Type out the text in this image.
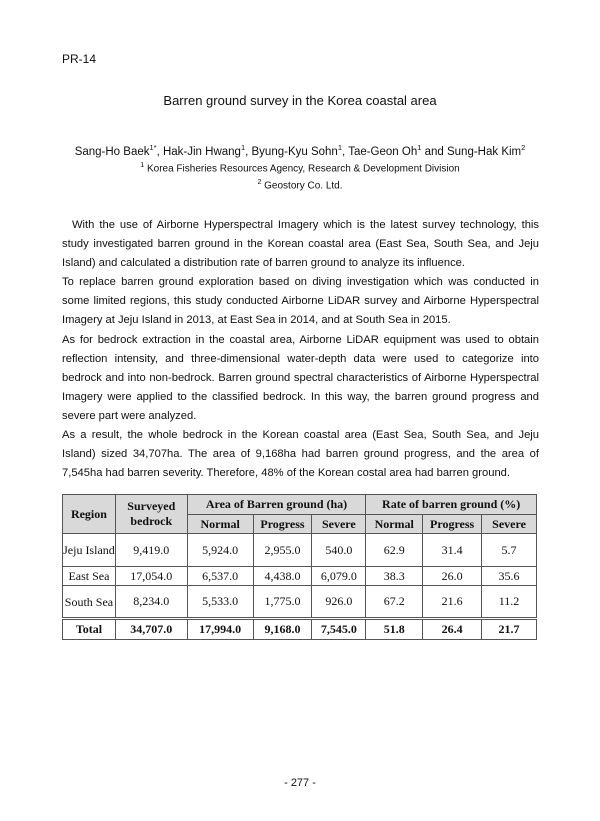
PR-14
Barren ground survey in the Korea coastal area
Sang-Ho Baek$^{1*}$, Hak-Jin Hwang$^1$, Byung-Kyu Sohn$^1$, Tae-Geon Oh$^1$ and Sung-Hak Kim$^2$
$^1$ Korea Fisheries Resources Agency, Research & Development Division
$^2$ Geostory Co. Ltd.

With the use of Airborne Hyperspectral Imagery which is the latest survey technology, this study investigated barren ground in the Korean coastal area (East Sea, South Sea, and Jeju Island) and calculated a distribution rate of barren ground to analyze its influence.

To replace barren ground exploration based on diving investigation which was conducted in some limited regions, this study conducted Airborne LiDAR survey and Airborne Hyperspectral Imagery at Jeju Island in 2013, at East Sea in 2014, and at South Sea in 2015.

As for bedrock extraction in the coastal area, Airborne LiDAR equipment was used to obtain reflection intensity, and three-dimensional water-depth data were used to categorize into bedrock and into non-bedrock. Barren ground spectral characteristics of Airborne Hyperspectral Imagery were applied to the classified bedrock. In this way, the barren ground progress and severe part were analyzed.

As a result, the whole bedrock in the Korean coastal area (East Sea, South Sea, and Jeju Island) sized 34,707ha. The area of 9,168ha had barren ground progress, and the area of 7,545ha had barren severity. Therefore, 48% of the Korean costal area had barren ground.

Region	Surveyed bedrock	Area of Barren ground (ha)			Rate of barren ground (%)		
		Normal	Progress	Severe	Normal	Progress	Severe
Jeju Island	9,419.0	5,924.0	2,955.0	540.0	62.9	31.4	5.7
East Sea	17,054.0	6,537.0	4,438.0	6,079.0	38.3	26.0	35.6
South Sea	8,234.0	5,533.0	1,775.0	926.0	67.2	21.6	11.2
Total	34,707.0	17,994.0	9,168.0	7,545.0	51.8	26.4	21.7
- 277 -
